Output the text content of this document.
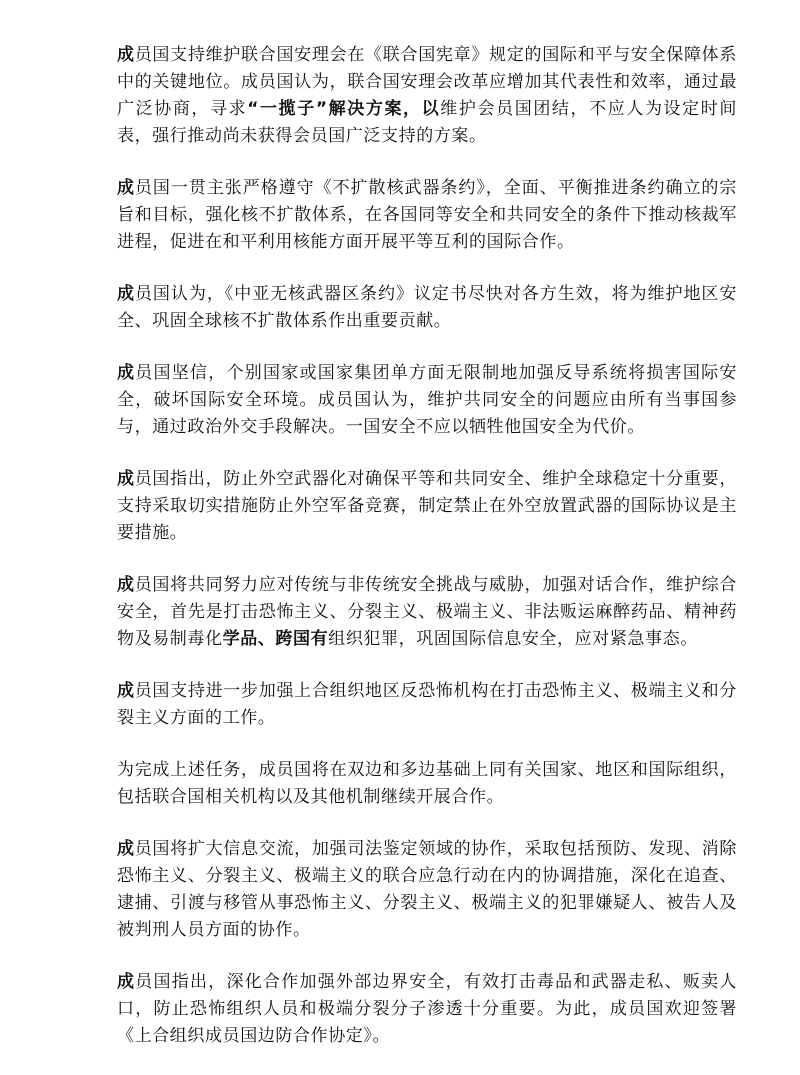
成员国支持维护联合国安理会在《联合国宪章》规定的国际和平与安全保障体系中的关键地位。成员国认为，联合国安理会改革应增加其代表性和效率，通过最广泛协商，寻求“一揽子”解决方案，以维护会员国团结，不应人为设定时间表，强行推动尚未获得会员国广泛支持的方案。

成员国一贯主张严格遵守《不扩散核武器条约》，全面、平衡推进条约确立的宗旨和目标，强化核不扩散体系，在各国同等安全和共同安全的条件下推动核裁军进程，促进在和平利用核能方面开展平等互利的国际合作。

成员国认为，《中亚无核武器区条约》议定书尽快对各方生效，将为维护地区安全、巩固全球核不扩散体系作出重要贡献。

成员国坚信，个别国家或国家集团单方面无限制地加强反导系统将损害国际安全，破坏国际安全环境。成员国认为，维护共同安全的问题应由所有当事国参与，通过政治外交手段解决。一国安全不应以牺牲他国安全为代价。

成员国指出，防止外空武器化对确保平等和共同安全、维护全球稳定十分重要，支持采取切实措施防止外空军备竞赛，制定禁止在外空放置武器的国际协议是主要措施。

成员国将共同努力应对传统与非传统安全挑战与威胁，加强对话合作，维护综合安全，首先是打击恐怖主义、分裂主义、极端主义、非法贩运麻醉药品、精神药物及易制毒化学品、跨国有组织犯罪，巩固国际信息安全，应对紧急事态。

成员国支持进一步加强上合组织地区反恐怖机构在打击恐怖主义、极端主义和分裂主义方面的工作。

为完成上述任务，成员国将在双边和多边基础上同有关国家、地区和国际组织，包括联合国相关机构以及其他机制继续开展合作。

成员国将扩大信息交流，加强司法鉴定领域的协作，采取包括预防、发现、消除恐怖主义、分裂主义、极端主义的联合应急行动在内的协调措施，深化在追查、逮捕、引渡与移管从事恐怖主义、分裂主义、极端主义的犯罪嫌疑人、被告人及被判刑人员方面的协作。

成员国指出，深化合作加强外部边界安全，有效打击毒品和武器走私、贩卖人口，防止恐怖组织人员和极端分裂分子渗透十分重要。为此，成员国欢迎签署《上合组织成员国边防合作协定》。
